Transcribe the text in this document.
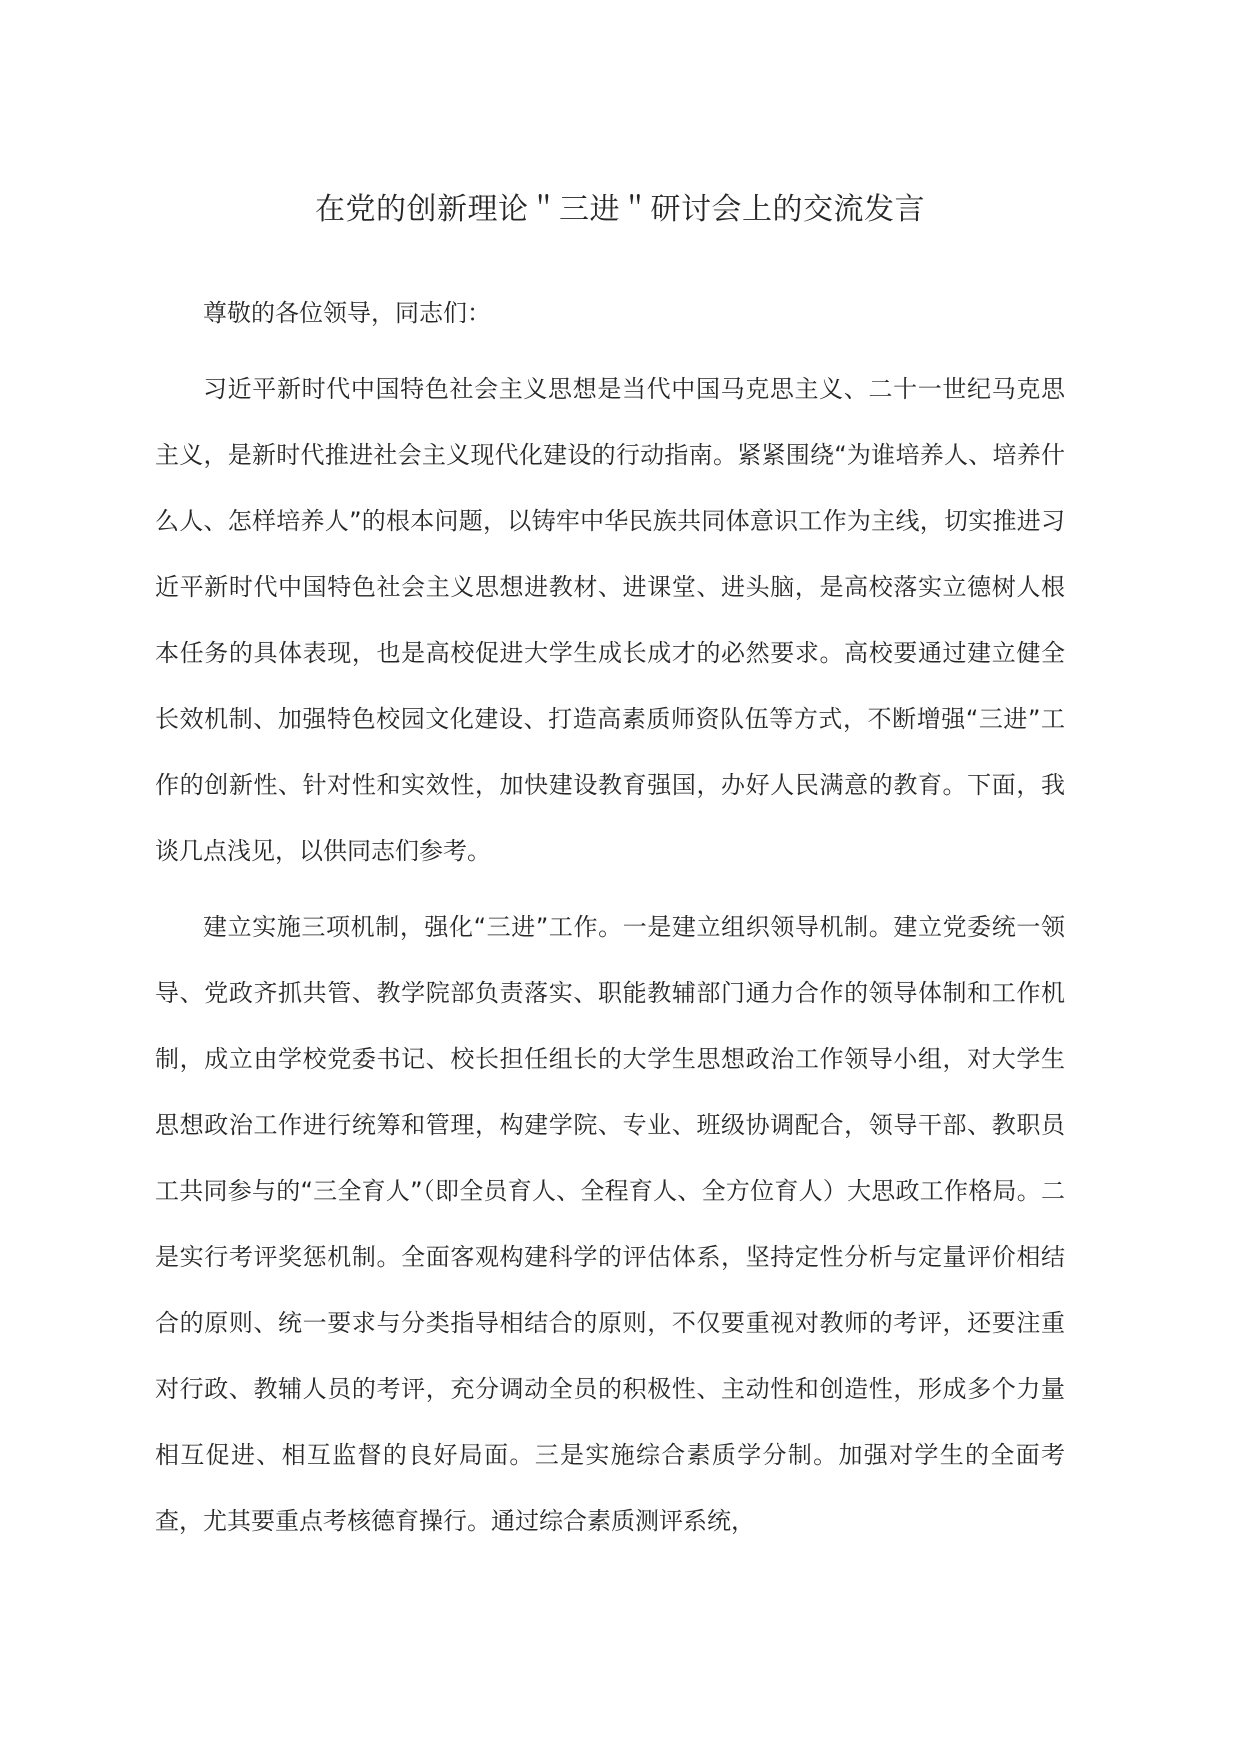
在党的创新理论＂三进＂研讨会上的交流发言

尊敬的各位领导，同志们：

习近平新时代中国特色社会主义思想是当代中国马克思主义、二十一世纪马克思主义，是新时代推进社会主义现代化建设的行动指南。紧紧围绕“为谁培养人、培养什么人、怎样培养人”的根本问题，以铸牢中华民族共同体意识工作为主线，切实推进习近平新时代中国特色社会主义思想进教材、进课堂、进头脑，是高校落实立德树人根本任务的具体表现，也是高校促进大学生成长成才的必然要求。高校要通过建立健全长效机制、加强特色校园文化建设、打造高素质师资队伍等方式，不断增强“三进”工作的创新性、针对性和实效性，加快建设教育强国，办好人民满意的教育。下面，我谈几点浅见，以供同志们参考。

建立实施三项机制，强化“三进”工作。一是建立组织领导机制。建立党委统一领导、党政齐抓共管、教学院部负责落实、职能教辅部门通力合作的领导体制和工作机制，成立由学校党委书记、校长担任组长的大学生思想政治工作领导小组，对大学生思想政治工作进行统筹和管理，构建学院、专业、班级协调配合，领导干部、教职员工共同参与的“三全育人”（即全员育人、全程育人、全方位育人）大思政工作格局。二是实行考评奖惩机制。全面客观构建科学的评估体系，坚持定性分析与定量评价相结合的原则、统一要求与分类指导相结合的原则，不仅要重视对教师的考评，还要注重对行政、教辅人员的考评，充分调动全员的积极性、主动性和创造性，形成多个力量相互促进、相互监督的良好局面。三是实施综合素质学分制。加强对学生的全面考查，尤其要重点考核德育操行。通过综合素质测评系统，
